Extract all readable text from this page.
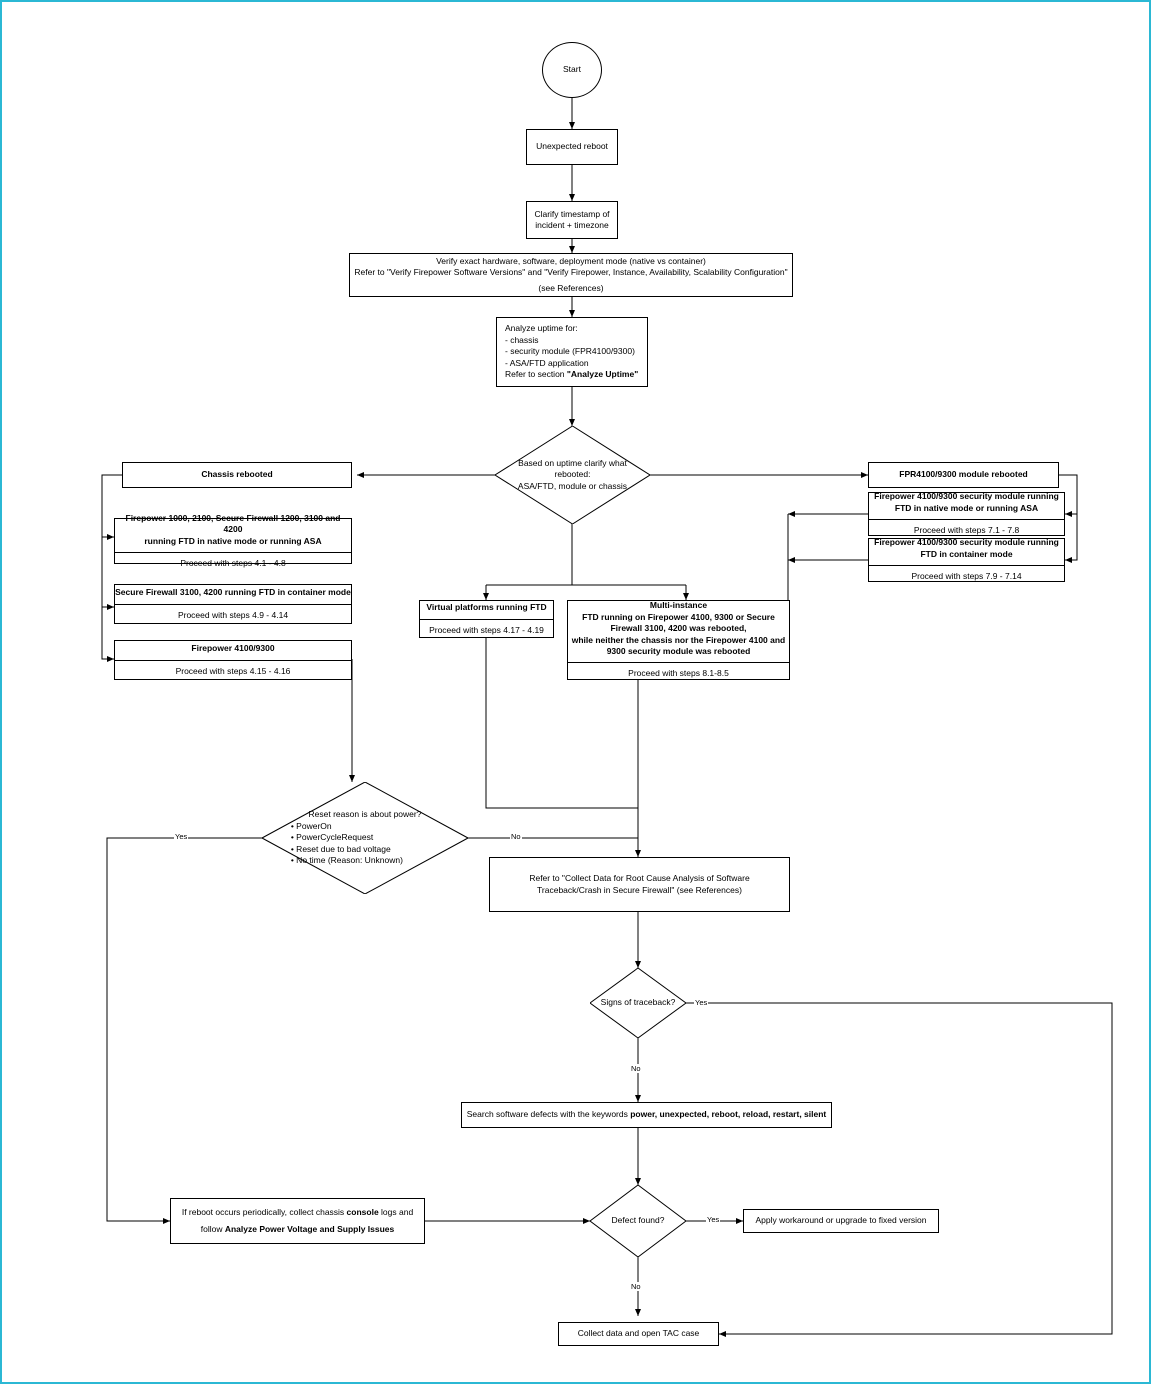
Start
Unexpected reboot
Clarify timestamp of
incident + timezone
Verify exact hardware, software, deployment mode (native vs container)
Refer to "Verify Firepower Software Versions" and "Verify Firepower, Instance, Availability, Scalability Configuration"
(see References)
Analyze uptime for:
- chassis
- security module (FPR4100/9300)
- ASA/FTD application
Refer to section "Analyze Uptime"
Based on uptime clarify what rebooted:
ASA/FTD, module or chassis
Chassis rebooted	FPR4100/9300 module rebooted
Firepower 1000, 2100, Secure Firewall 1200, 3100 and 4200
running FTD in native mode or running ASA
Proceed with steps 4.1 - 4.8
Secure Firewall 3100, 4200 running FTD in container mode
Proceed with steps 4.9 - 4.14
Firepower 4100/9300
Proceed with steps 4.15 - 4.16
Firepower 4100/9300 security module running
FTD in native mode or running ASA
Proceed with steps 7.1 - 7.8
Firepower 4100/9300 security module running
FTD in container mode
Proceed with steps 7.9 - 7.14
Virtual platforms running FTD
Proceed with steps 4.17 - 4.19
Multi-instance
FTD running on Firepower 4100, 9300 or Secure
Firewall 3100, 4200 was rebooted,
while neither the chassis nor the Firepower 4100 and
9300 security module was rebooted
Proceed with steps 8.1-8.5
Reset reason is about power?
• PowerOn
• PowerCycleRequest
• Reset due to bad voltage
• No time (Reason: Unknown)
Yes	No
Refer to "Collect Data for Root Cause Analysis of Software
Traceback/Crash in Secure Firewall" (see References)
Signs of traceback?	Yes
No
Search software defects with the keywords power, unexpected, reboot, reload, restart, silent
If reboot occurs periodically, collect chassis console logs and
follow Analyze Power Voltage and Supply Issues
Defect found?	Yes
No
Apply workaround or upgrade to fixed version
Collect data and open TAC case
